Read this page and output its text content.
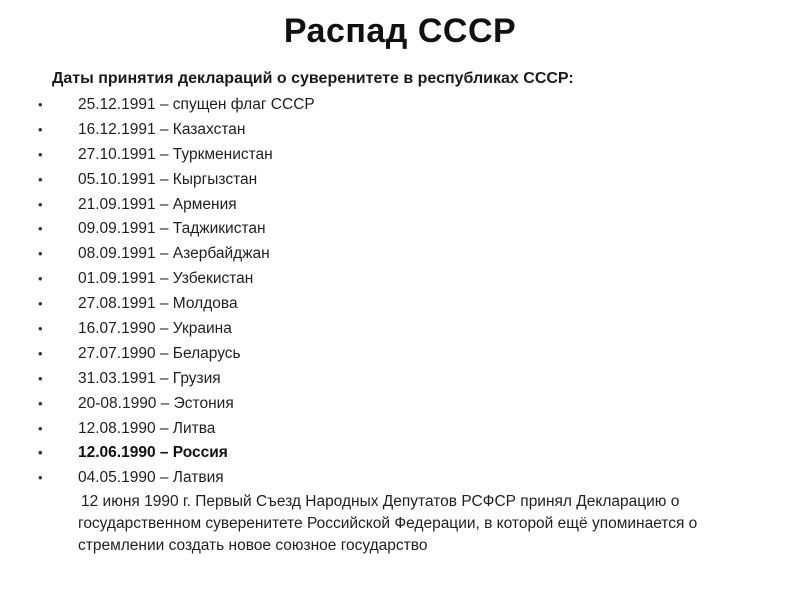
Распад СССР
Даты принятия деклараций о суверенитете в республиках СССР:
• 25.12.1991 – спущен флаг СССР
• 16.12.1991 – Казахстан
• 27.10.1991 – Туркменистан
• 05.10.1991 – Кыргызстан
• 21.09.1991 – Армения
• 09.09.1991 – Таджикистан
• 08.09.1991 – Азербайджан
• 01.09.1991 – Узбекистан
• 27.08.1991 – Молдова
• 16.07.1990 – Украина
• 27.07.1990 – Беларусь
• 31.03.1991 – Грузия
• 20-08.1990 – Эстония
• 12.08.1990 – Литва
• 12.06.1990 – Россия
• 04.05.1990 – Латвия
12 июня 1990 г. Первый Съезд Народных Депутатов РСФСР принял Декларацию о государственном суверенитете Российской Федерации, в которой ещё упоминается о стремлении создать новое союзное государство
